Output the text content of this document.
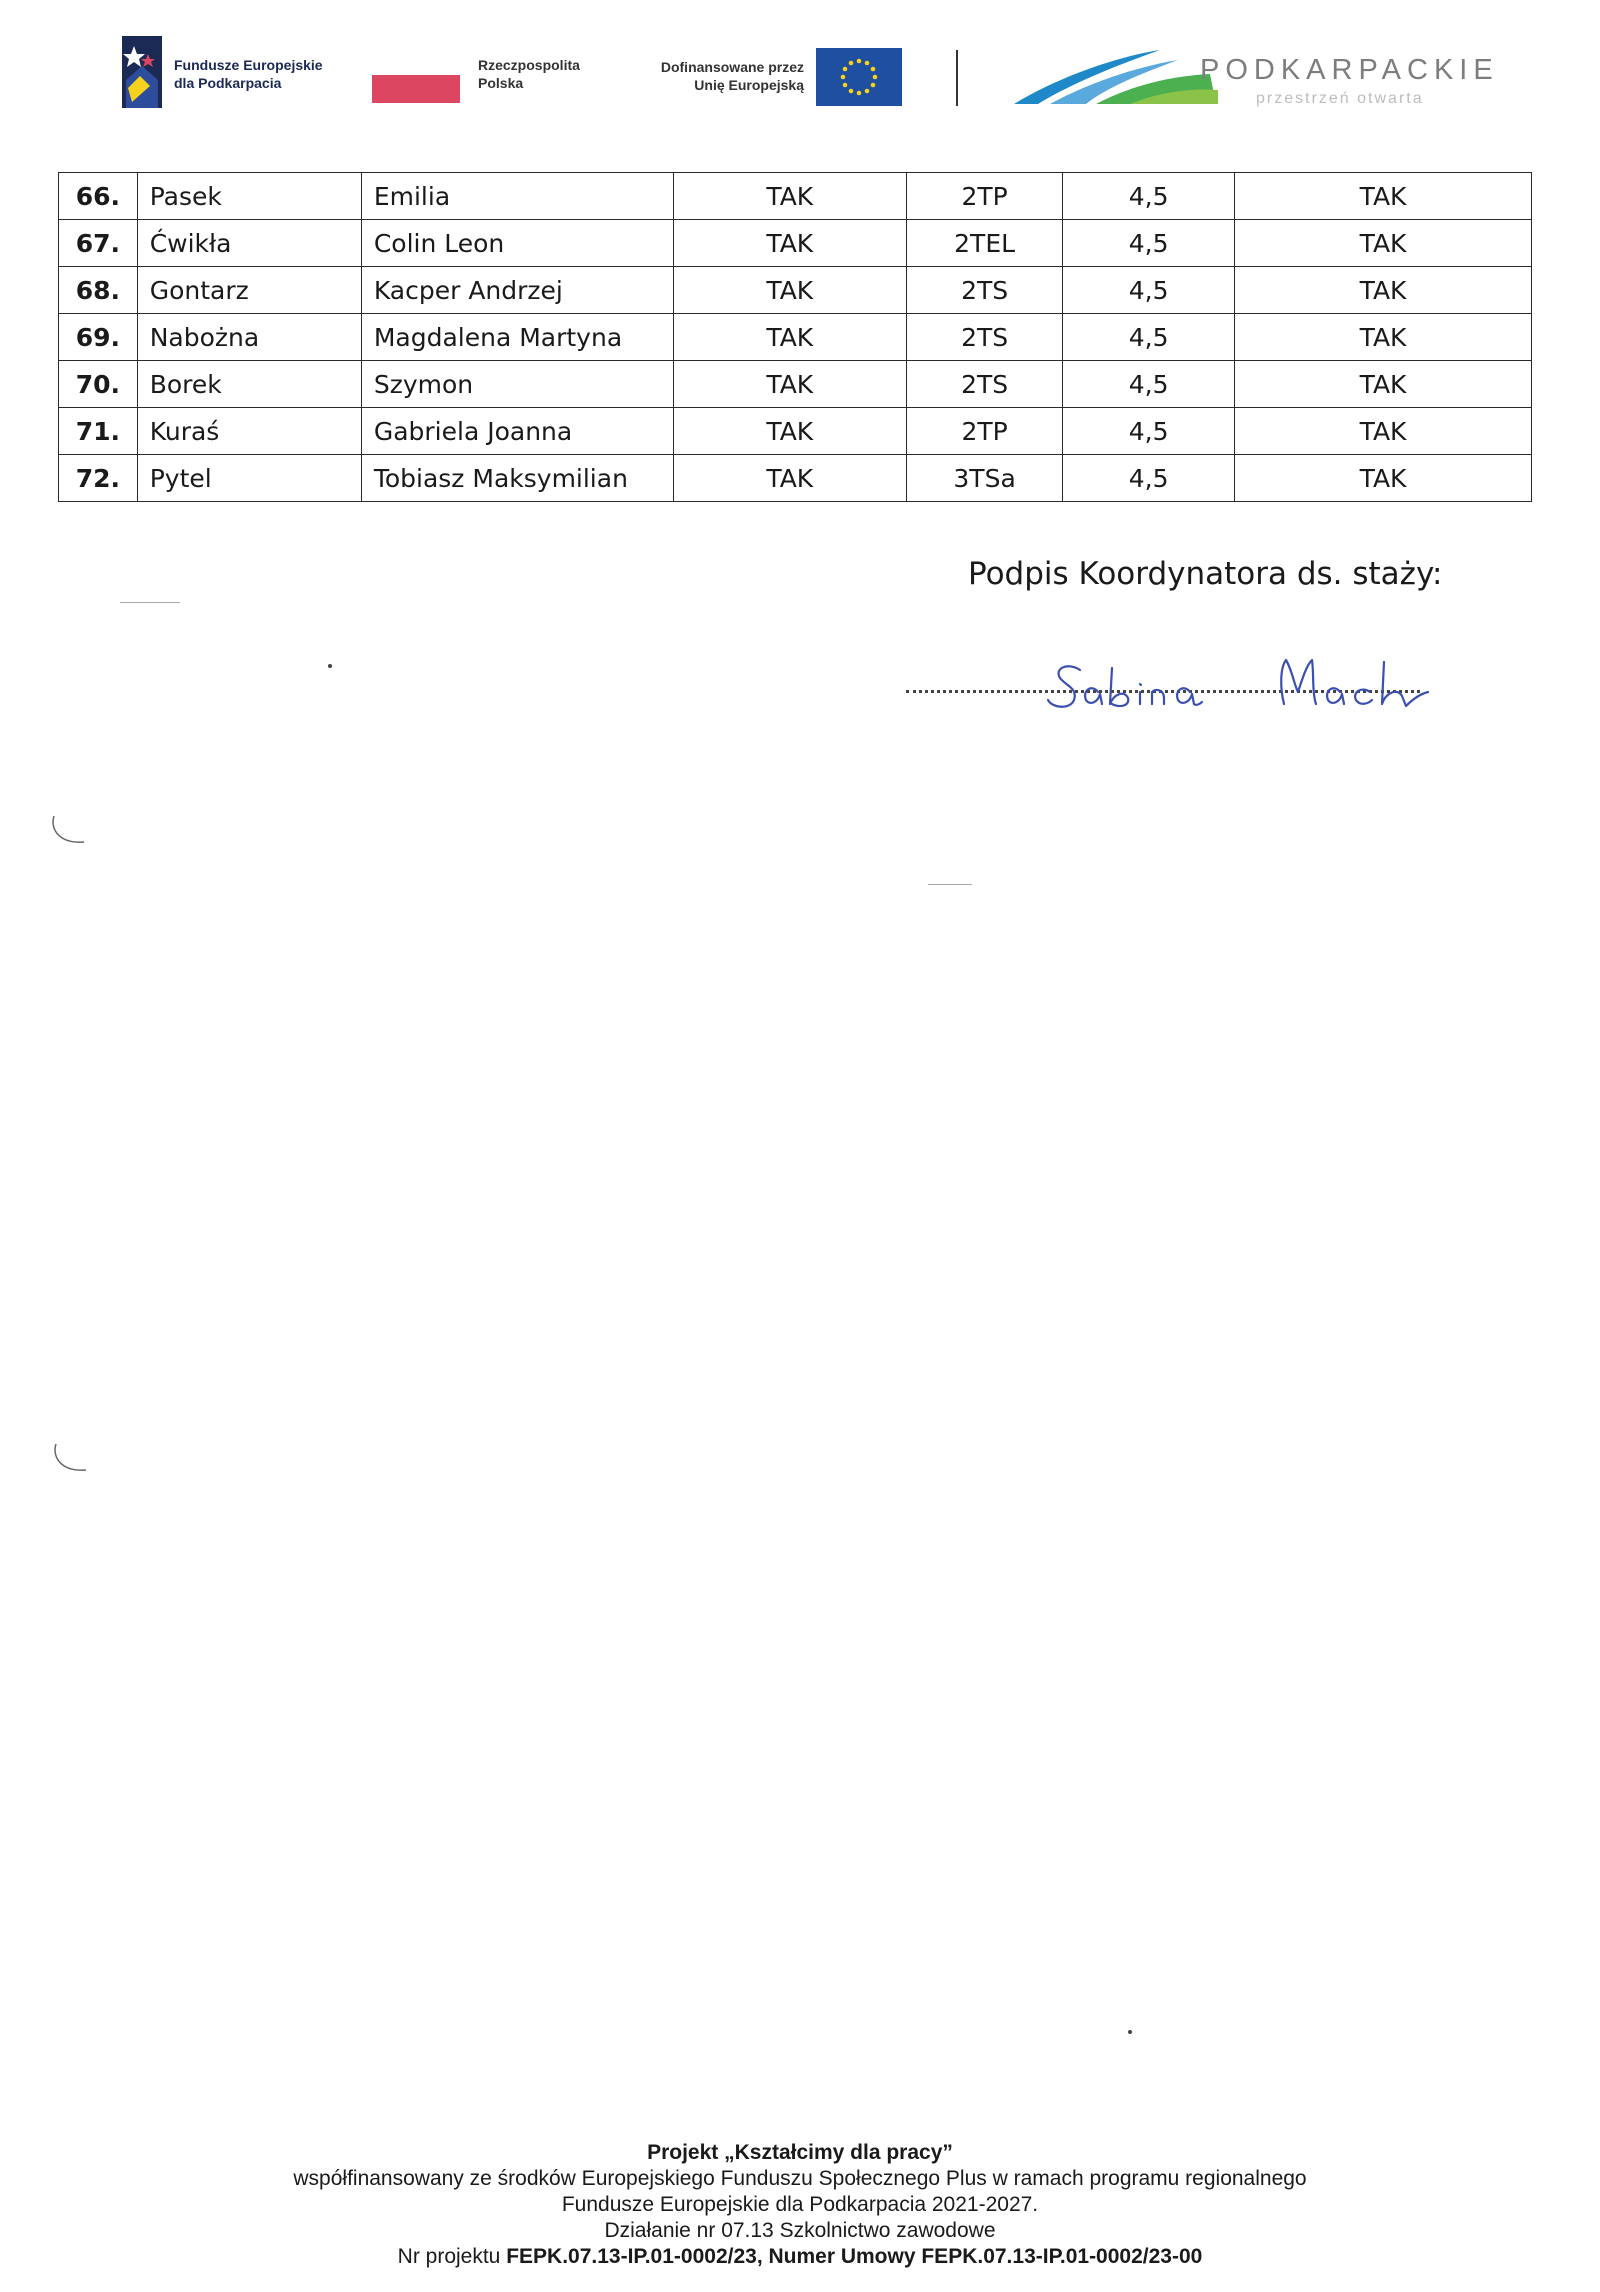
Fundusze Europejskie
dla Podkarpacia
Rzeczpospolita
Polska
Dofinansowane przez
Unię Europejską	PODKARPACKIE
przestrzeń otwarta
66.	Pasek	Emilia	TAK	2TP	4,5	TAK
67.	Ćwikła	Colin Leon	TAK	2TEL	4,5	TAK
68.	Gontarz	Kacper Andrzej	TAK	2TS	4,5	TAK
69.	Nabożna	Magdalena Martyna	TAK	2TS	4,5	TAK
70.	Borek	Szymon	TAK	2TS	4,5	TAK
71.	Kuraś	Gabriela Joanna	TAK	2TP	4,5	TAK
72.	Pytel	Tobiasz Maksymilian	TAK	3TSa	4,5	TAK
Podpis Koordynatora ds. staży:
Projekt „Kształcimy dla pracy”
współfinansowany ze środków Europejskiego Funduszu Społecznego Plus w ramach programu regionalnego
Fundusze Europejskie dla Podkarpacia 2021-2027.
Działanie nr 07.13 Szkolnictwo zawodowe
Nr projektu FEPK.07.13-IP.01-0002/23, Numer Umowy FEPK.07.13-IP.01-0002/23-00
